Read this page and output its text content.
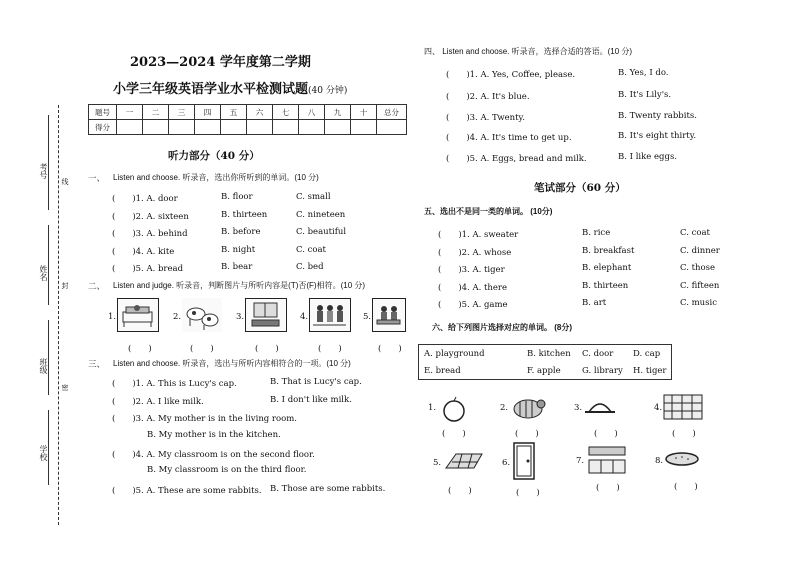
考号
线
姓名
封
班级
密
学校
2023—2024 学年度第二学期
小学三年级英语学业水平检测试题(40 分钟)
题号	一	二	三	四	五	六	七	八	九	十	总分
得分											
听力部分（40 分）
一、 Listen and choose. 听录音，选出你所听到的单词。(10 分)
(　　)1. A. door	B. floor	C. small
(　　)2. A. sixteen	B. thirteen	C. nineteen
(　　)3. A. behind	B. before	C. beautiful
(　　)4. A. kite	B. night	C. coat
(　　)5. A. bread	B. bear	C. bed
二、 Listen and judge. 听录音，判断图片与所听内容是(T)否(F)相符。(10 分)
1.	2.	3.	4.	5.
(　　)	(　　)	(　　)	(　　)	(　　)
三、 Listen and choose. 听录音，选出与所听内容相符合的一项。(10 分)
(　　)1. A. This is Lucy's cap.	B. That is Lucy's cap.
(　　)2. A. I like milk.	B. I don't like milk.
(　　)3. A. My mother is in the living room.
B. My mother is in the kitchen.
(　　)4. A. My classroom is on the second floor.
B. My classroom is on the third floor.
(　　)5. A. These are some rabbits. B. Those are some rabbits.
四、 Listen and choose. 听录音，选择合适的答语。(10 分)
(　　)1. A. Yes, Coffee, please.	B. Yes, I do.
(　　)2. A. It's blue.	B. It's Lily's.
(　　)3. A. Twenty.	B. Twenty rabbits.
(　　)4. A. It's time to get up.	B. It's eight thirty.
(　　)5. A. Eggs, bread and milk.	B. I like eggs.
笔试部分（60 分）
五、选出不是同一类的单词。 (10分)
(　　)1. A. sweater	B. rice	C. coat
(　　)2. A. whose	B. breakfast	C. dinner
(　　)3. A. tiger	B. elephant	C. those
(　　)4. A. there	B. thirteen	C. fifteen
(　　)5. A. game	B. art	C. music
六、给下列图片选择对应的单词。 (8分)
A. playground	B. kitchen C. door D. cap
E. bread	F. apple	G. library H. tiger
1.	2.	3.	4.
(　　)	(　　)	(　　)	(　　)
5.	6.	7.	8.
(　　)	(　　)	(　　)	(　　)
